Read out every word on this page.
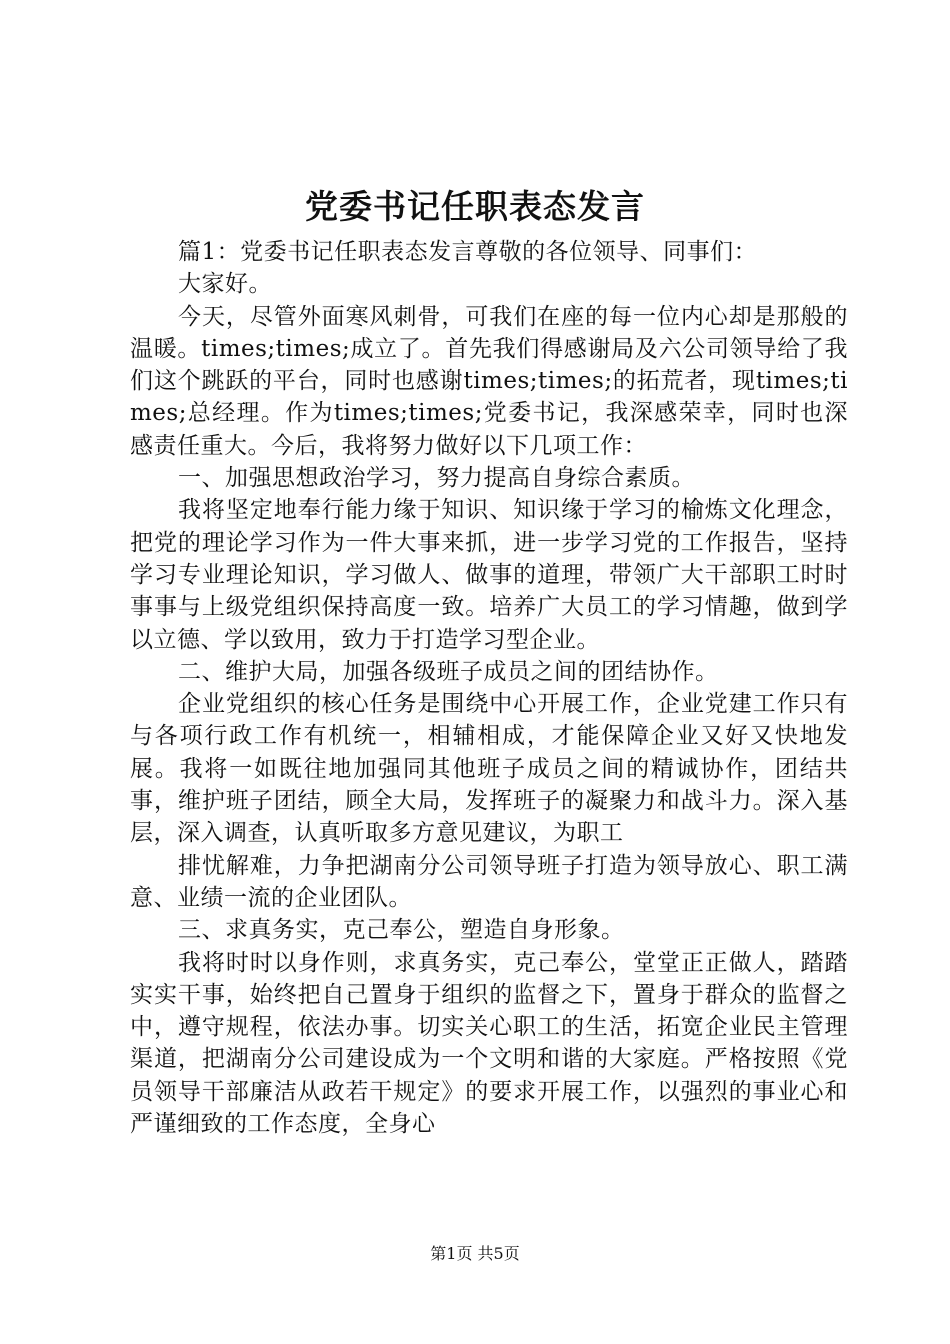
党委书记任职表态发言

篇1：党委书记任职表态发言尊敬的各位领导、同事们：

大家好。

今天，尽管外面寒风刺骨，可我们在座的每一位内心却是那般的温暖。times;times;成立了。首先我们得感谢局及六公司领导给了我们这个跳跃的平台，同时也感谢times;times;的拓荒者，现times;times;总经理。作为times;times;党委书记，我深感荣幸，同时也深感责任重大。今后，我将努力做好以下几项工作：

一、加强思想政治学习，努力提高自身综合素质。

我将坚定地奉行能力缘于知识、知识缘于学习的榆炼文化理念，把党的理论学习作为一件大事来抓，进一步学习党的工作报告，坚持学习专业理论知识，学习做人、做事的道理，带领广大干部职工时时事事与上级党组织保持高度一致。培养广大员工的学习情趣，做到学以立德、学以致用，致力于打造学习型企业。

二、维护大局，加强各级班子成员之间的团结协作。

企业党组织的核心任务是围绕中心开展工作，企业党建工作只有与各项行政工作有机统一，相辅相成，才能保障企业又好又快地发展。我将一如既往地加强同其他班子成员之间的精诚协作，团结共事，维护班子团结，顾全大局，发挥班子的凝聚力和战斗力。深入基层，深入调查，认真听取多方意见建议，为职工

排忧解难，力争把湖南分公司领导班子打造为领导放心、职工满意、业绩一流的企业团队。

三、求真务实，克己奉公，塑造自身形象。

我将时时以身作则，求真务实，克己奉公，堂堂正正做人，踏踏实实干事，始终把自己置身于组织的监督之下，置身于群众的监督之中，遵守规程，依法办事。切实关心职工的生活，拓宽企业民主管理渠道，把湖南分公司建设成为一个文明和谐的大家庭。严格按照《党员领导干部廉洁从政若干规定》的要求开展工作，以强烈的事业心和严谨细致的工作态度，全身心

第1页 共5页
